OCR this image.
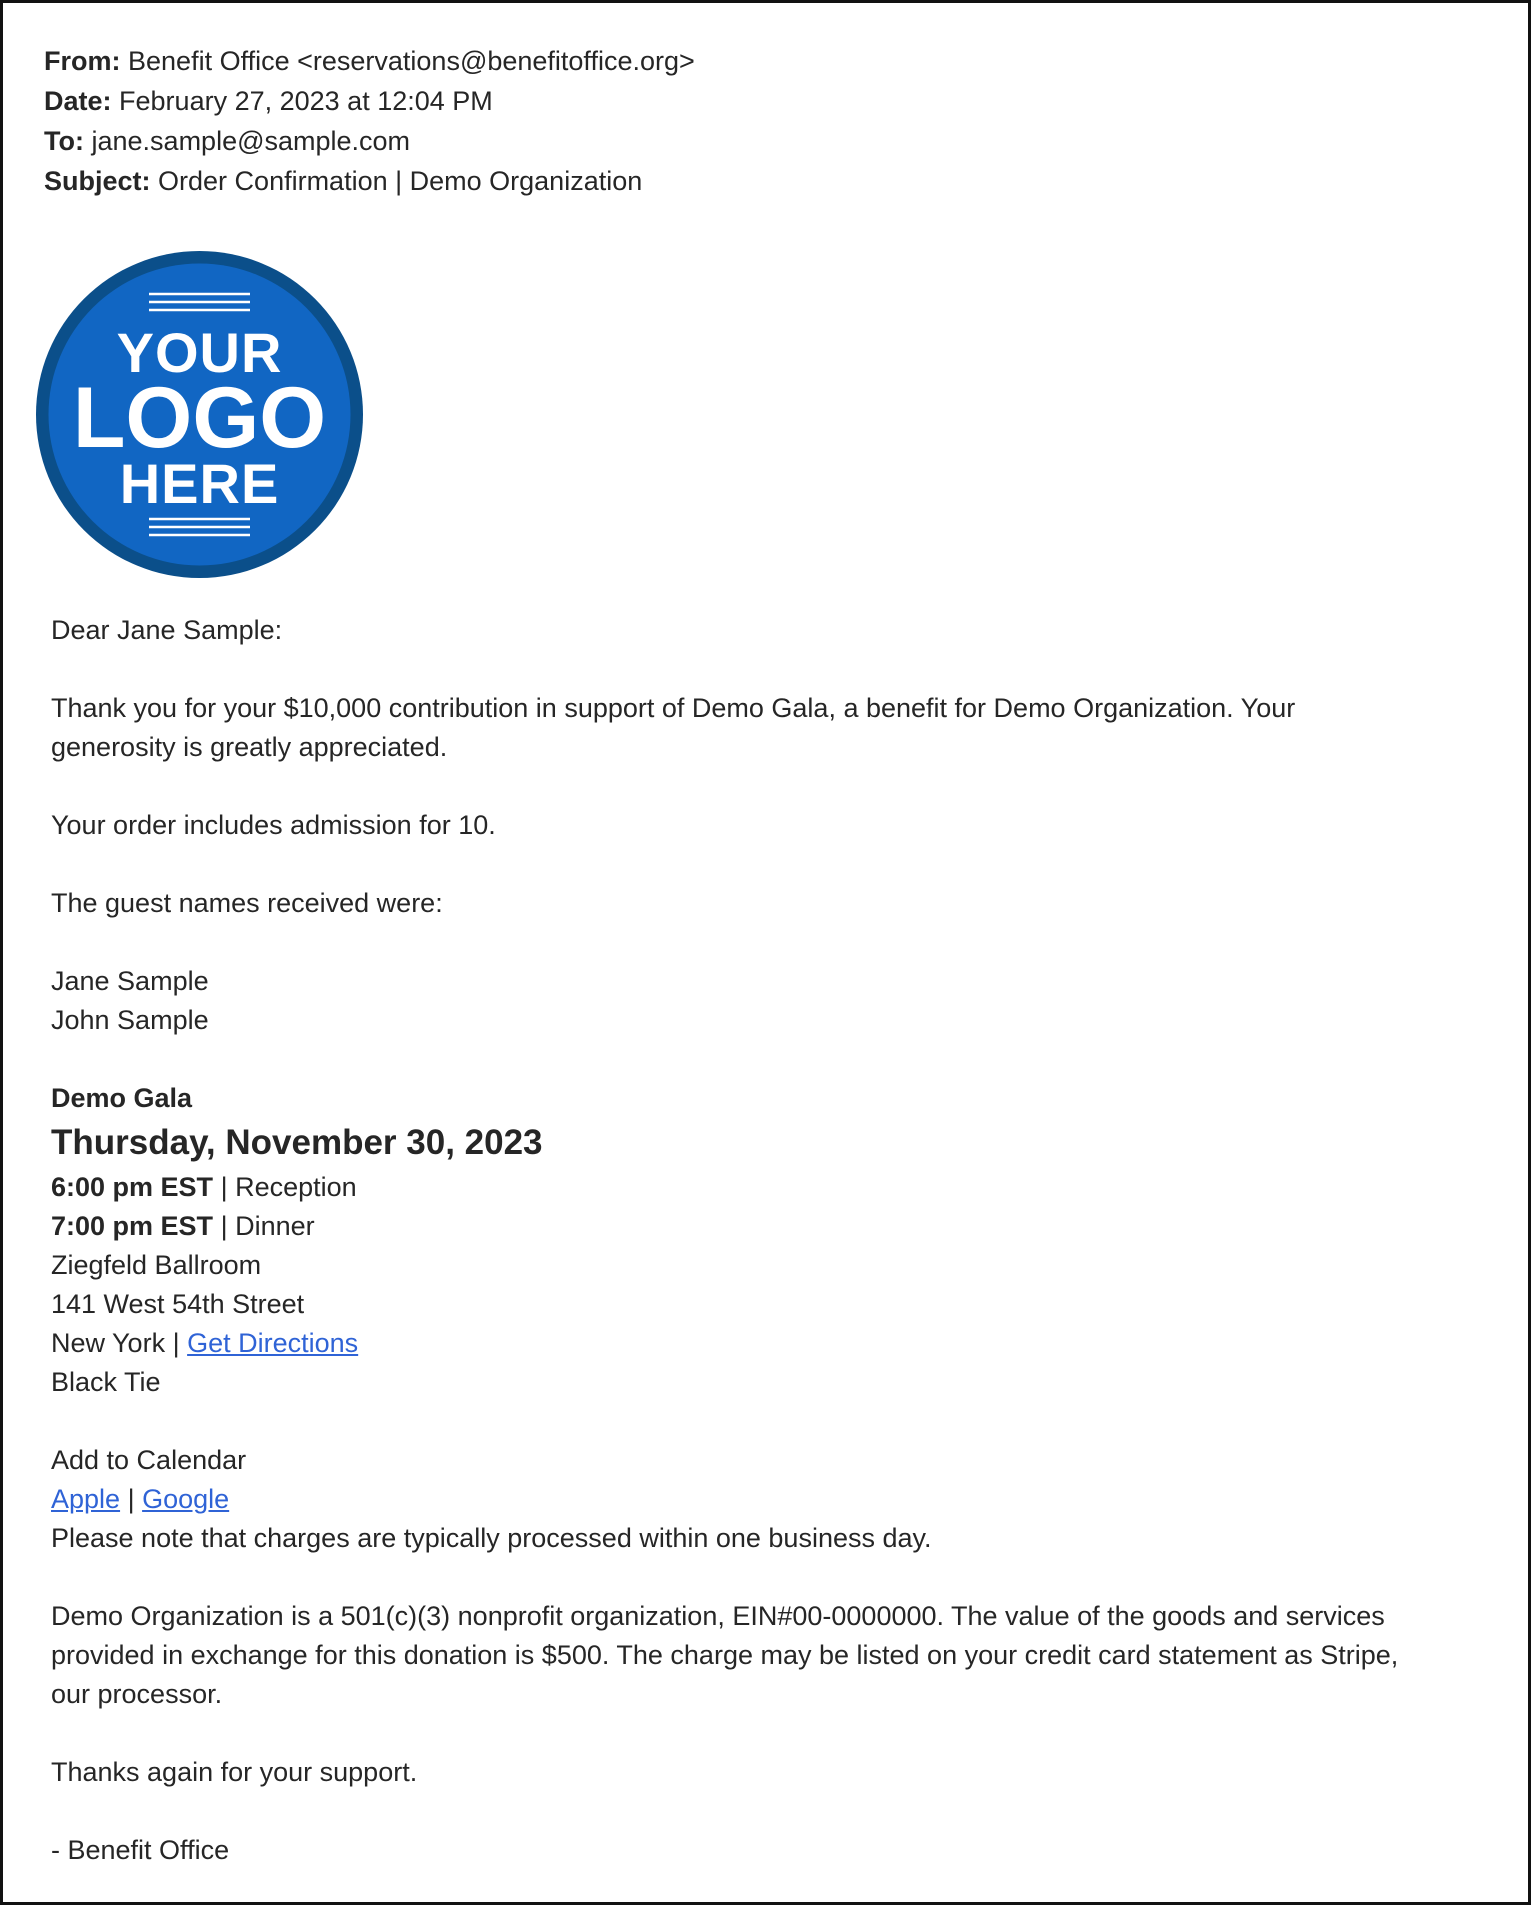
From: Benefit Office <reservations@benefitoffice.org>
Date: February 27, 2023 at 12:04 PM
To: jane.sample@sample.com
Subject: Order Confirmation | Demo Organization
YOUR
LOGO
HERE
Dear Jane Sample:
Thank you for your $10,000 contribution in support of Demo Gala, a benefit for Demo Organization. Your
generosity is greatly appreciated.
Your order includes admission for 10.
The guest names received were:
Jane Sample
John Sample
Demo Gala
Thursday, November 30, 2023
6:00 pm EST | Reception
7:00 pm EST | Dinner
Ziegfeld Ballroom
141 West 54th Street
New York | Get Directions
Black Tie
Add to Calendar
Apple | Google
Please note that charges are typically processed within one business day.
Demo Organization is a 501(c)(3) nonprofit organization, EIN#00-0000000. The value of the goods and services
provided in exchange for this donation is $500. The charge may be listed on your credit card statement as Stripe,
our processor.
Thanks again for your support.
- Benefit Office
